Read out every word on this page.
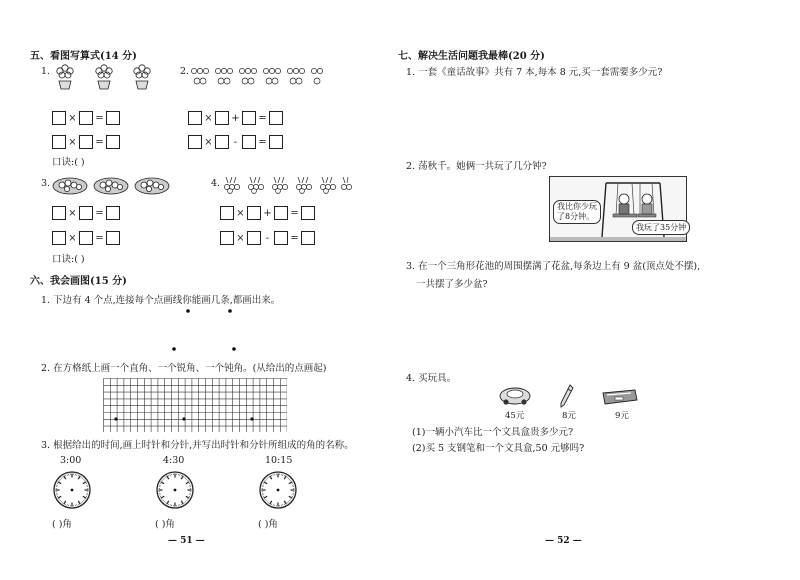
五、看图写算式(14 分)
1.
× =
× =
口诀:( )
2.
× + =
×	-	=
3.
× =
× =
口诀:( )
4.
× + =
×	-	=
六、我会画图(15 分)
1. 下边有 4 个点,连接每个点画线你能画几条,都画出来。
2. 在方格纸上画一个直角、一个锐角、一个钝角。(从给出的点画起)
3. 根据给出的时间,画上时针和分针,并写出时针和分针所组成的角的名称。
3:00	4:30	10:15
( )角	( )角	( )角
— 51 —
七、解决生活问题我最棒(20 分)
1. 一套《童话故事》共有 7 本,每本 8 元,买一套需要多少元?
2. 荡秋千。她俩一共玩了几分钟?
我比你少玩了8分钟。
我玩了35分钟
3. 在一个三角形花池的周围摆满了花盆,每条边上有 9 盆(顶点处不摆),
一共摆了多少盆?
4. 买玩具。
45元	8元	9元
(1)一辆小汽车比一个文具盒贵多少元?
(2)买 5 支钢笔和一个文具盒,50 元够吗?
— 52 —
